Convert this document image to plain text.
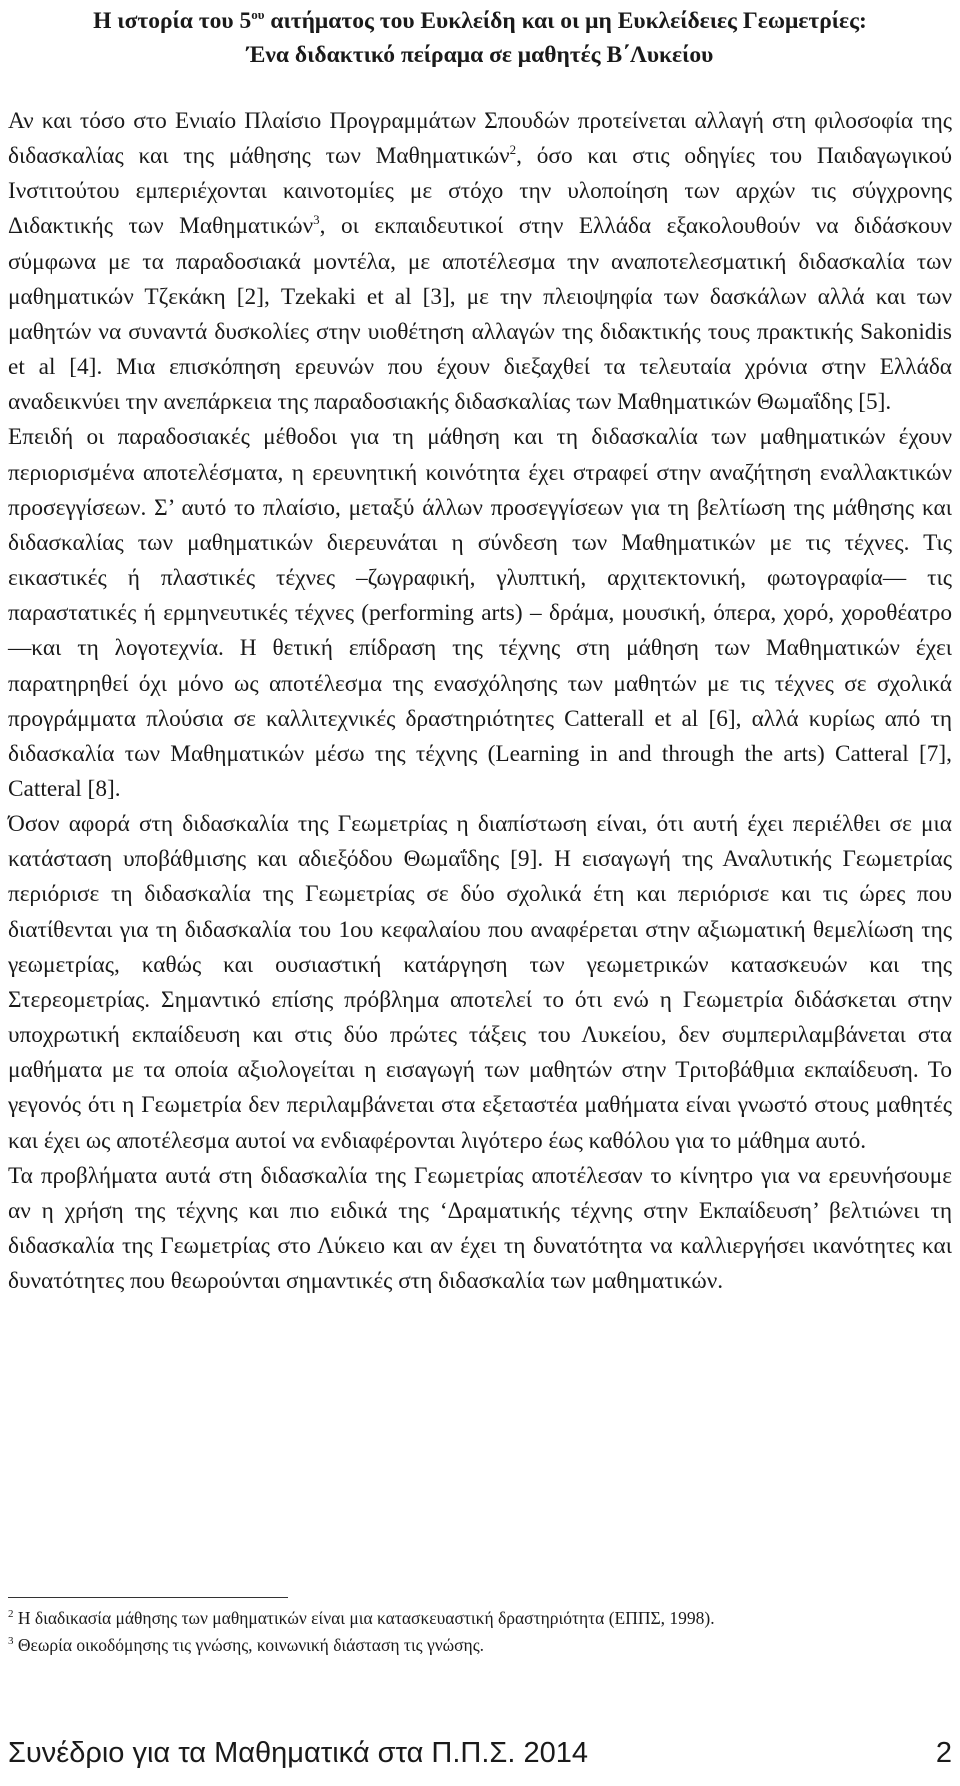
Η ιστορία του $5^{o\upsilon}$ αιτήματος του Ευκλείδη και οι μη Ευκλείδειες Γεωμετρίες:
Ένα διδακτικό πείραμα σε μαθητές Β΄Λυκείου

Αν και τόσο στο Ενιαίο Πλαίσιο Προγραμμάτων Σπουδών προτείνεται αλλαγή στη φιλοσοφία της διδασκαλίας και της μάθησης των Μαθηματικών$^2$, όσο και στις οδηγίες του Παιδαγωγικού Ινστιτούτου εμπεριέχονται καινοτομίες με στόχο την υλοποίηση των αρχών τις σύγχρονης Διδακτικής των Μαθηματικών$^3$, οι εκπαιδευτικοί στην Ελλάδα εξακολουθούν να διδάσκουν σύμφωνα με τα παραδοσιακά μοντέλα, με αποτέλεσμα την αναποτελεσματική διδασκαλία των μαθηματικών Τζεκάκη [2], Tzekaki et al [3], με την πλειοψηφία των δασκάλων αλλά και των μαθητών να συναντά δυσκολίες στην υιοθέτηση αλλαγών της διδακτικής τους πρακτικής Sakonidis et al [4]. Μια επισκόπηση ερευνών που έχουν διεξαχθεί τα τελευταία χρόνια στην Ελλάδα αναδεικνύει την ανεπάρκεια της παραδοσιακής διδασκαλίας των Μαθηματικών Θωμαΐδης [5].

Επειδή οι παραδοσιακές μέθοδοι για τη μάθηση και τη διδασκαλία των μαθηματικών έχουν περιορισμένα αποτελέσματα, η ερευνητική κοινότητα έχει στραφεί στην αναζήτηση εναλλακτικών προσεγγίσεων. Σ’ αυτό το πλαίσιο, μεταξύ άλλων προσεγγίσεων για τη βελτίωση της μάθησης και διδασκαλίας των μαθηματικών διερευνάται η σύνδεση των Μαθηματικών με τις τέχνες. Τις εικαστικές ή πλαστικές τέχνες –ζωγραφική, γλυπτική, αρχιτεκτονική, φωτογραφία— τις παραστατικές ή ερμηνευτικές τέχνες (performing arts) – δράμα, μουσική, όπερα, χορό, χοροθέατρο—και τη λογοτεχνία. Η θετική επίδραση της τέχνης στη μάθηση των Μαθηματικών έχει παρατηρηθεί όχι μόνο ως αποτέλεσμα της ενασχόλησης των μαθητών με τις τέχνες σε σχολικά προγράμματα πλούσια σε καλλιτεχνικές δραστηριότητες Catterall et al [6], αλλά κυρίως από τη διδασκαλία των Μαθηματικών μέσω της τέχνης (Learning in and through the arts) Catteral [7], Catteral [8].

Όσον αφορά στη διδασκαλία της Γεωμετρίας η διαπίστωση είναι, ότι αυτή έχει περιέλθει σε μια κατάσταση υποβάθμισης και αδιεξόδου Θωμαΐδης [9]. Η εισαγωγή της Αναλυτικής Γεωμετρίας περιόρισε τη διδασκαλία της Γεωμετρίας σε δύο σχολικά έτη και περιόρισε και τις ώρες που διατίθενται για τη διδασκαλία του 1ου κεφαλαίου που αναφέρεται στην αξιωματική θεμελίωση της γεωμετρίας, καθώς και ουσιαστική κατάργηση των γεωμετρικών κατασκευών και της Στερεομετρίας. Σημαντικό επίσης πρόβλημα αποτελεί το ότι ενώ η Γεωμετρία διδάσκεται στην υποχρωτική εκπαίδευση και στις δύο πρώτες τάξεις του Λυκείου, δεν συμπεριλαμβάνεται στα μαθήματα με τα οποία αξιολογείται η εισαγωγή των μαθητών στην Τριτοβάθμια εκπαίδευση. Το γεγονός ότι η Γεωμετρία δεν περιλαμβάνεται στα εξεταστέα μαθήματα είναι γνωστό στους μαθητές και έχει ως αποτέλεσμα αυτοί να ενδιαφέρονται λιγότερο έως καθόλου για το μάθημα αυτό.

Τα προβλήματα αυτά στη διδασκαλία της Γεωμετρίας αποτέλεσαν το κίνητρο για να ερευνήσουμε αν η χρήση της τέχνης και πιο ειδικά της ‘Δραματικής τέχνης στην Εκπαίδευση’ βελτιώνει τη διδασκαλία της Γεωμετρίας στο Λύκειο και αν έχει τη δυνατότητα να καλλιεργήσει ικανότητες και δυνατότητες που θεωρούνται σημαντικές στη διδασκαλία των μαθηματικών.

$^2$ Η διαδικασία μάθησης των μαθηματικών είναι μια κατασκευαστική δραστηριότητα (ΕΠΠΣ, 1998).

$^3$ Θεωρία οικοδόμησης τις γνώσης, κοινωνική διάσταση τις γνώσης.

Συνέδριο για τα Μαθηματικά στα Π.Π.Σ. 2014	2
